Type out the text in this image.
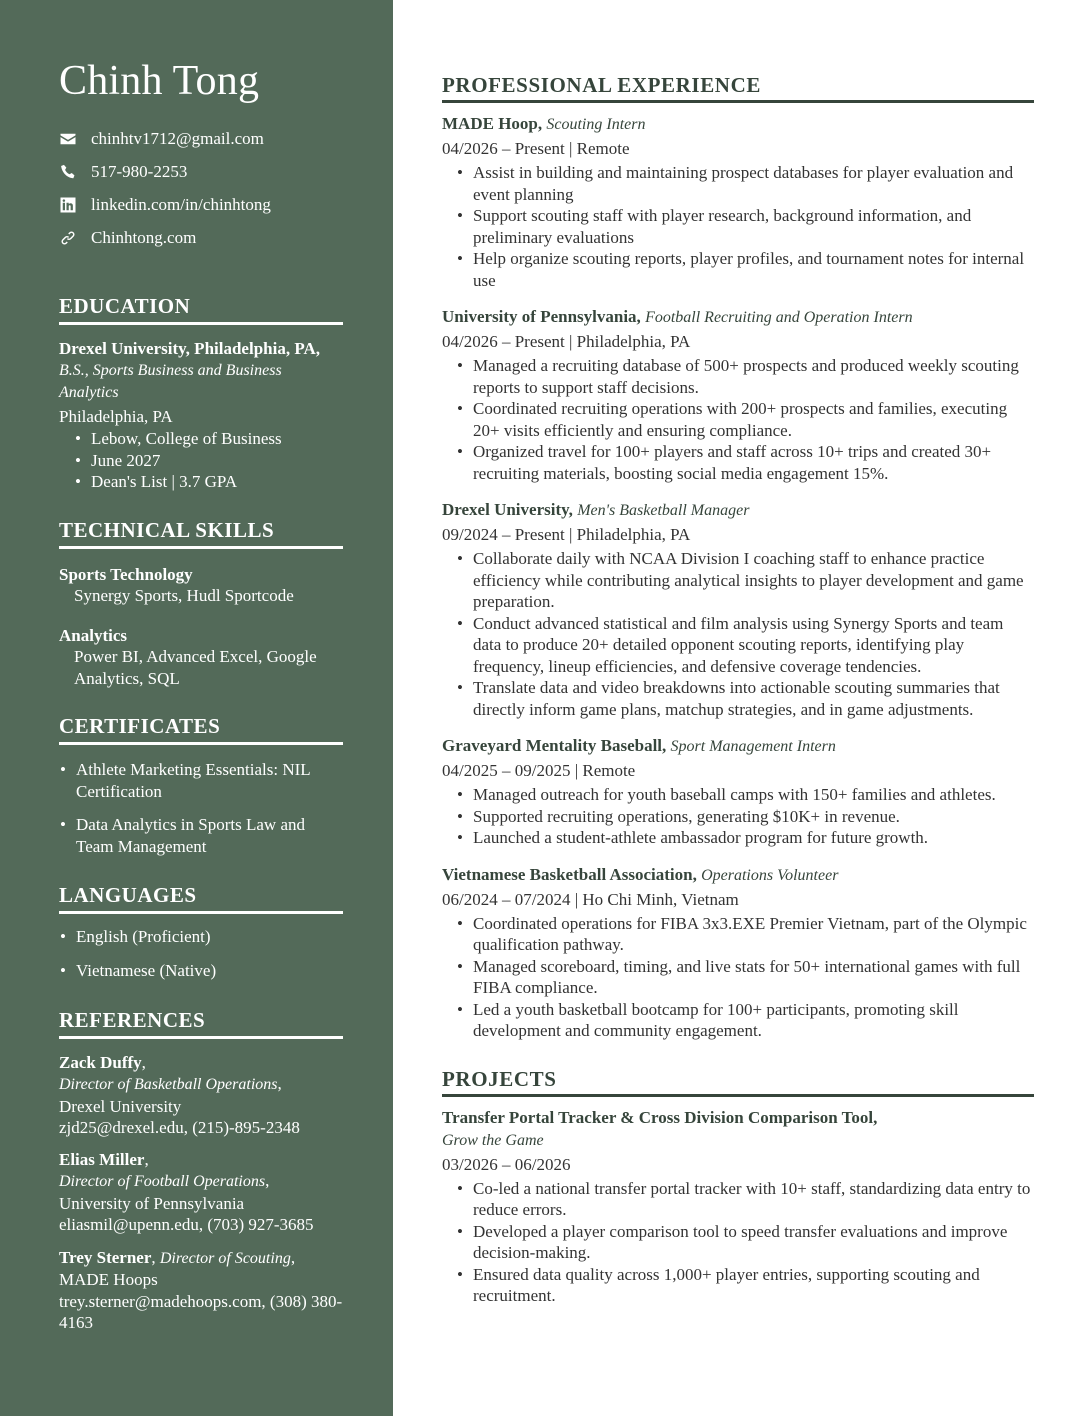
Chinh Tong
chinhtv1712@gmail.com
517-980-2253
linkedin.com/in/chinhtong
Chinhtong.com
EDUCATION
Drexel University, Philadelphia, PA, B.S., Sports Business and Business Analytics
Philadelphia, PA
• Lebow, College of Business
• June 2027
• Dean's List | 3.7 GPA
TECHNICAL SKILLS
Sports Technology
Synergy Sports, Hudl Sportcode
Analytics
Power BI, Advanced Excel, Google Analytics, SQL
CERTIFICATES
• Athlete Marketing Essentials: NIL Certification
• Data Analytics in Sports Law and Team Management
LANGUAGES
• English (Proficient)
• Vietnamese (Native)
REFERENCES
Zack Duffy,
Director of Basketball Operations,
Drexel University
zjd25@drexel.edu, (215)-895-2348
Elias Miller,
Director of Football Operations,
University of Pennsylvania
eliasmil@upenn.edu, (703) 927-3685
Trey Sterner, Director of Scouting,
MADE Hoops
trey.sterner@madehoops.com, (308) 380-4163
PROFESSIONAL EXPERIENCE
MADE Hoop, Scouting Intern
04/2026 – Present | Remote
• Assist in building and maintaining prospect databases for player evaluation and event planning
• Support scouting staff with player research, background information, and preliminary evaluations
• Help organize scouting reports, player profiles, and tournament notes for internal use
University of Pennsylvania, Football Recruiting and Operation Intern
04/2026 – Present | Philadelphia, PA
• Managed a recruiting database of 500+ prospects and produced weekly scouting reports to support staff decisions.
• Coordinated recruiting operations with 200+ prospects and families, executing 20+ visits efficiently and ensuring compliance.
• Organized travel for 100+ players and staff across 10+ trips and created 30+ recruiting materials, boosting social media engagement 15%.
Drexel University, Men's Basketball Manager
09/2024 – Present | Philadelphia, PA
• Collaborate daily with NCAA Division I coaching staff to enhance practice efficiency while contributing analytical insights to player development and game preparation.
• Conduct advanced statistical and film analysis using Synergy Sports and team data to produce 20+ detailed opponent scouting reports, identifying play frequency, lineup efficiencies, and defensive coverage tendencies.
• Translate data and video breakdowns into actionable scouting summaries that directly inform game plans, matchup strategies, and in game adjustments.
Graveyard Mentality Baseball, Sport Management Intern
04/2025 – 09/2025 | Remote
• Managed outreach for youth baseball camps with 150+ families and athletes.
• Supported recruiting operations, generating $10K+ in revenue.
• Launched a student-athlete ambassador program for future growth.
Vietnamese Basketball Association, Operations Volunteer
06/2024 – 07/2024 | Ho Chi Minh, Vietnam
• Coordinated operations for FIBA 3x3.EXE Premier Vietnam, part of the Olympic qualification pathway.
• Managed scoreboard, timing, and live stats for 50+ international games with full FIBA compliance.
• Led a youth basketball bootcamp for 100+ participants, promoting skill development and community engagement.
PROJECTS
Transfer Portal Tracker & Cross Division Comparison Tool,
Grow the Game
03/2026 – 06/2026
• Co-led a national transfer portal tracker with 10+ staff, standardizing data entry to reduce errors.
• Developed a player comparison tool to speed transfer evaluations and improve decision-making.
• Ensured data quality across 1,000+ player entries, supporting scouting and recruitment.
